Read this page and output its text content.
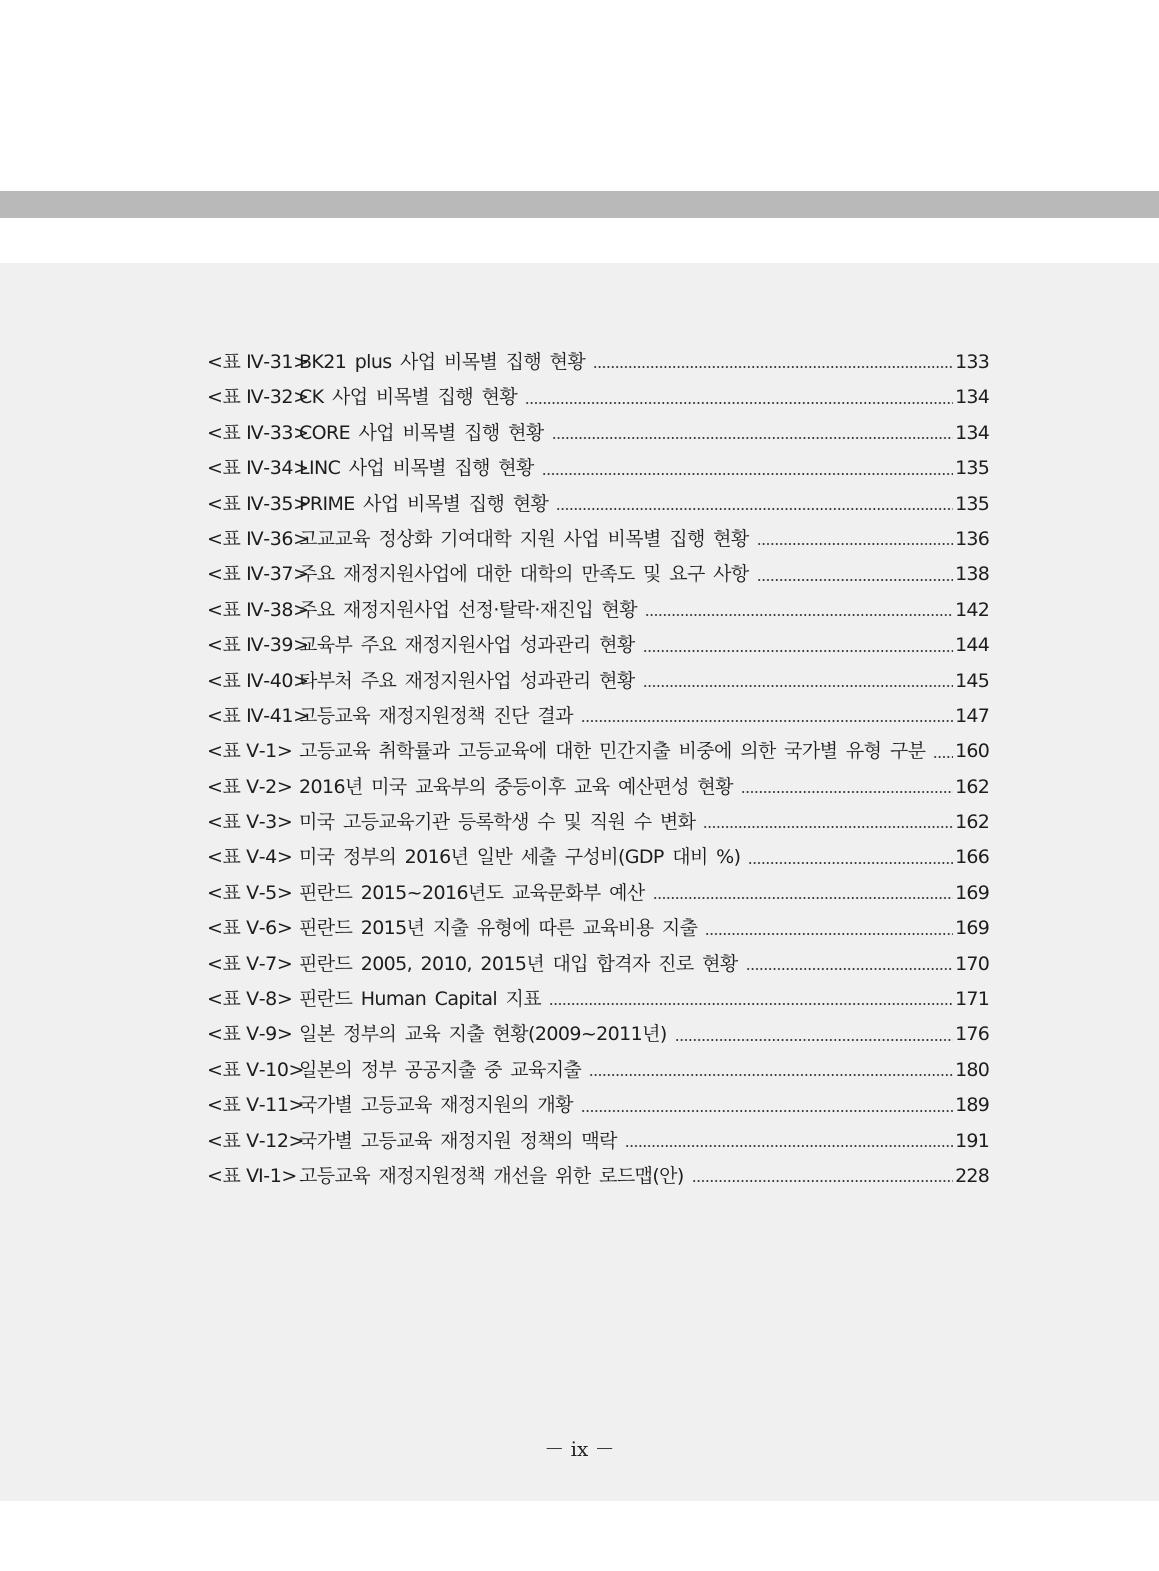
<표 Ⅳ-31>BK21 plus 사업 비목별 집행 현황	133
<표 Ⅳ-32>CK 사업 비목별 집행 현황	134
<표 Ⅳ-33>CORE 사업 비목별 집행 현황	134
<표 Ⅳ-34>LINC 사업 비목별 집행 현황	135
<표 Ⅳ-35>PRIME 사업 비목별 집행 현황	135
<표 Ⅳ-36>고교교육 정상화 기여대학 지원 사업 비목별 집행 현황	136
<표 Ⅳ-37>주요 재정지원사업에 대한 대학의 만족도 및 요구 사항	138
<표 Ⅳ-38>주요 재정지원사업 선정·탈락·재진입 현황	142
<표 Ⅳ-39>교육부 주요 재정지원사업 성과관리 현황	144
<표 Ⅳ-40>타부처 주요 재정지원사업 성과관리 현황	145
<표 Ⅳ-41>고등교육 재정지원정책 진단 결과	147
<표 Ⅴ-1> 고등교육 취학률과 고등교육에 대한 민간지출 비중에 의한 국가별 유형 구분	160
<표 Ⅴ-2> 2016년 미국 교육부의 중등이후 교육 예산편성 현황	162
<표 Ⅴ-3> 미국 고등교육기관 등록학생 수 및 직원 수 변화	162
<표 Ⅴ-4> 미국 정부의 2016년 일반 세출 구성비(GDP 대비 %)	166
<표 Ⅴ-5> 핀란드 2015~2016년도 교육문화부 예산	169
<표 Ⅴ-6> 핀란드 2015년 지출 유형에 따른 교육비용 지출	169
<표 Ⅴ-7> 핀란드 2005, 2010, 2015년 대입 합격자 진로 현황	170
<표 Ⅴ-8> 핀란드 Human Capital 지표	171
<표 Ⅴ-9> 일본 정부의 교육 지출 현황(2009~2011년)	176
<표 Ⅴ-10>일본의 정부 공공지출 중 교육지출	180
<표 Ⅴ-11>국가별 고등교육 재정지원의 개황	189
<표 Ⅴ-12>국가별 고등교육 재정지원 정책의 맥락	191
<표 Ⅵ-1> 고등교육 재정지원정책 개선을 위한 로드맵(안)	228
－ ix －
